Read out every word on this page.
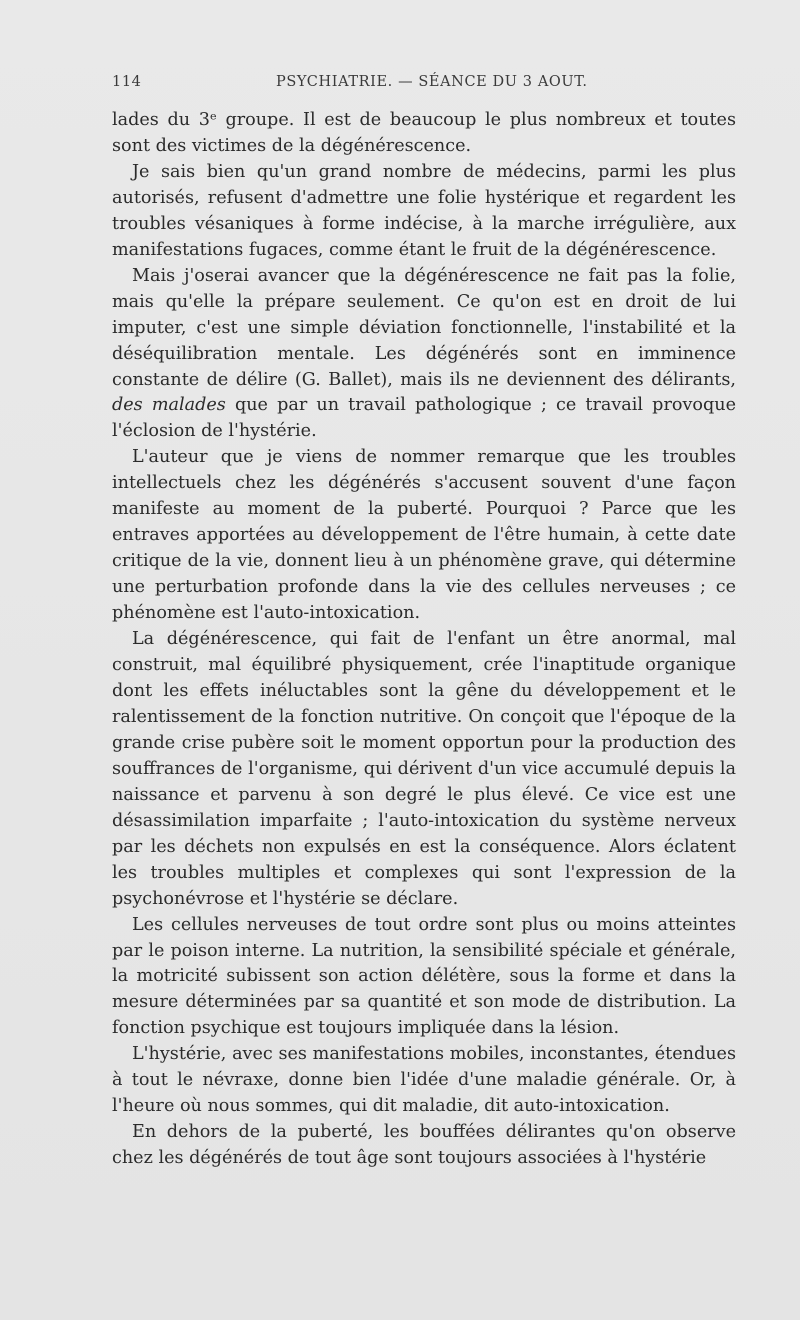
114	PSYCHIATRIE. — SÉANCE DU 3 AOUT.

lades du 3ᵉ groupe. Il est de beaucoup le plus nombreux et toutes sont des victimes de la dégénérescence.

Je sais bien qu'un grand nombre de médecins, parmi les plus autorisés, refusent d'admettre une folie hystérique et regardent les troubles vésaniques à forme indécise, à la marche irrégulière, aux manifestations fugaces, comme étant le fruit de la dégénérescence.

Mais j'oserai avancer que la dégénérescence ne fait pas la folie, mais qu'elle la prépare seulement. Ce qu'on est en droit de lui imputer, c'est une simple déviation fonctionnelle, l'instabilité et la déséquilibration mentale. Les dégénérés sont en imminence constante de délire (G. Ballet), mais ils ne deviennent des délirants, des malades que par un travail pathologique ; ce travail provoque l'éclosion de l'hystérie.

L'auteur que je viens de nommer remarque que les troubles intellectuels chez les dégénérés s'accusent souvent d'une façon manifeste au moment de la puberté. Pourquoi ? Parce que les entraves apportées au développement de l'être humain, à cette date critique de la vie, donnent lieu à un phénomène grave, qui détermine une perturbation profonde dans la vie des cellules nerveuses ; ce phénomène est l'auto-intoxication.

La dégénérescence, qui fait de l'enfant un être anormal, mal construit, mal équilibré physiquement, crée l'inaptitude organique dont les effets inéluctables sont la gêne du développement et le ralentissement de la fonction nutritive. On conçoit que l'époque de la grande crise pubère soit le moment opportun pour la production des souffrances de l'organisme, qui dérivent d'un vice accumulé depuis la naissance et parvenu à son degré le plus élevé. Ce vice est une désassimilation imparfaite ; l'auto-intoxication du système nerveux par les déchets non expulsés en est la conséquence. Alors éclatent les troubles multiples et complexes qui sont l'expression de la psychonévrose et l'hystérie se déclare.

Les cellules nerveuses de tout ordre sont plus ou moins atteintes par le poison interne. La nutrition, la sensibilité spéciale et générale, la motricité subissent son action délétère, sous la forme et dans la mesure déterminées par sa quantité et son mode de distribution. La fonction psychique est toujours impliquée dans la lésion.

L'hystérie, avec ses manifestations mobiles, inconstantes, étendues à tout le névraxe, donne bien l'idée d'une maladie générale. Or, à l'heure où nous sommes, qui dit maladie, dit auto-intoxication.

En dehors de la puberté, les bouffées délirantes qu'on observe chez les dégénérés de tout âge sont toujours associées à l'hystérie
